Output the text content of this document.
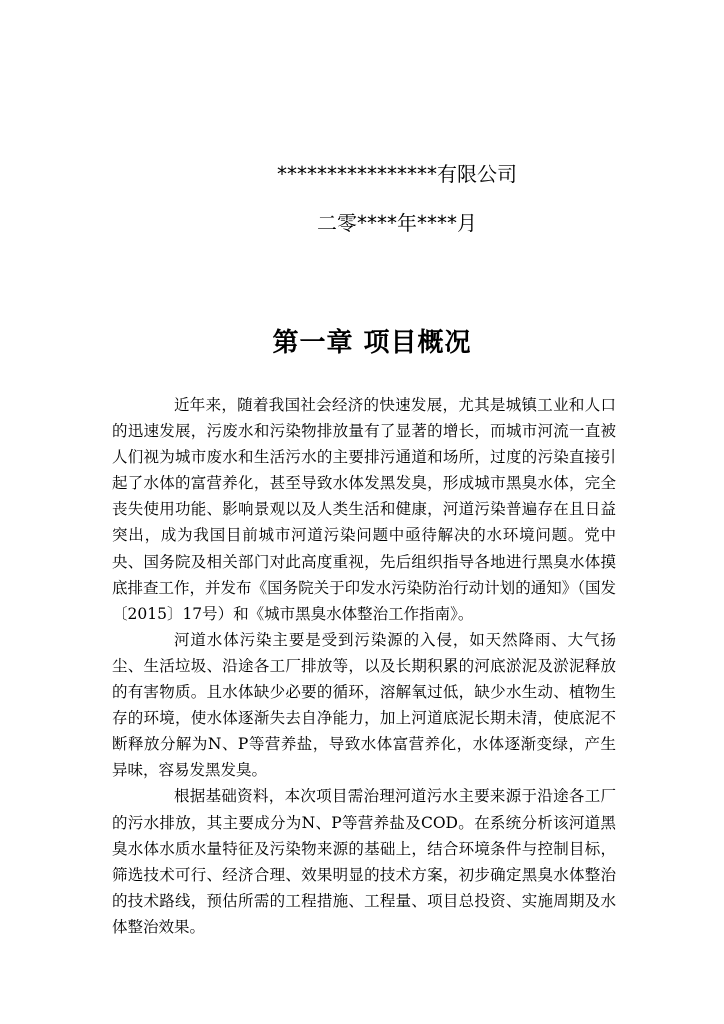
****************有限公司
二零****年****月
第一章 项目概况

近年来，随着我国社会经济的快速发展，尤其是城镇工业和人口的迅速发展，污废水和污染物排放量有了显著的增长，而城市河流一直被人们视为城市废水和生活污水的主要排污通道和场所，过度的污染直接引起了水体的富营养化，甚至导致水体发黑发臭，形成城市黑臭水体，完全丧失使用功能、影响景观以及人类生活和健康，河道污染普遍存在且日益突出，成为我国目前城市河道污染问题中亟待解决的水环境问题。党中央、国务院及相关部门对此高度重视，先后组织指导各地进行黑臭水体摸底排查工作，并发布《国务院关于印发水污染防治行动计划的通知》（国发〔2015〕17号）和《城市黑臭水体整治工作指南》。

河道水体污染主要是受到污染源的入侵，如天然降雨、大气扬尘、生活垃圾、沿途各工厂排放等，以及长期积累的河底淤泥及淤泥释放的有害物质。且水体缺少必要的循环，溶解氧过低，缺少水生动、植物生存的环境，使水体逐渐失去自净能力，加上河道底泥长期未清，使底泥不断释放分解为N、P等营养盐，导致水体富营养化，水体逐渐变绿，产生异味，容易发黑发臭。

根据基础资料，本次项目需治理河道污水主要来源于沿途各工厂的污水排放，其主要成分为N、P等营养盐及COD。在系统分析该河道黑臭水体水质水量特征及污染物来源的基础上，结合环境条件与控制目标，筛选技术可行、经济合理、效果明显的技术方案，初步确定黑臭水体整治的技术路线，预估所需的工程措施、工程量、项目总投资、实施周期及水体整治效果。
